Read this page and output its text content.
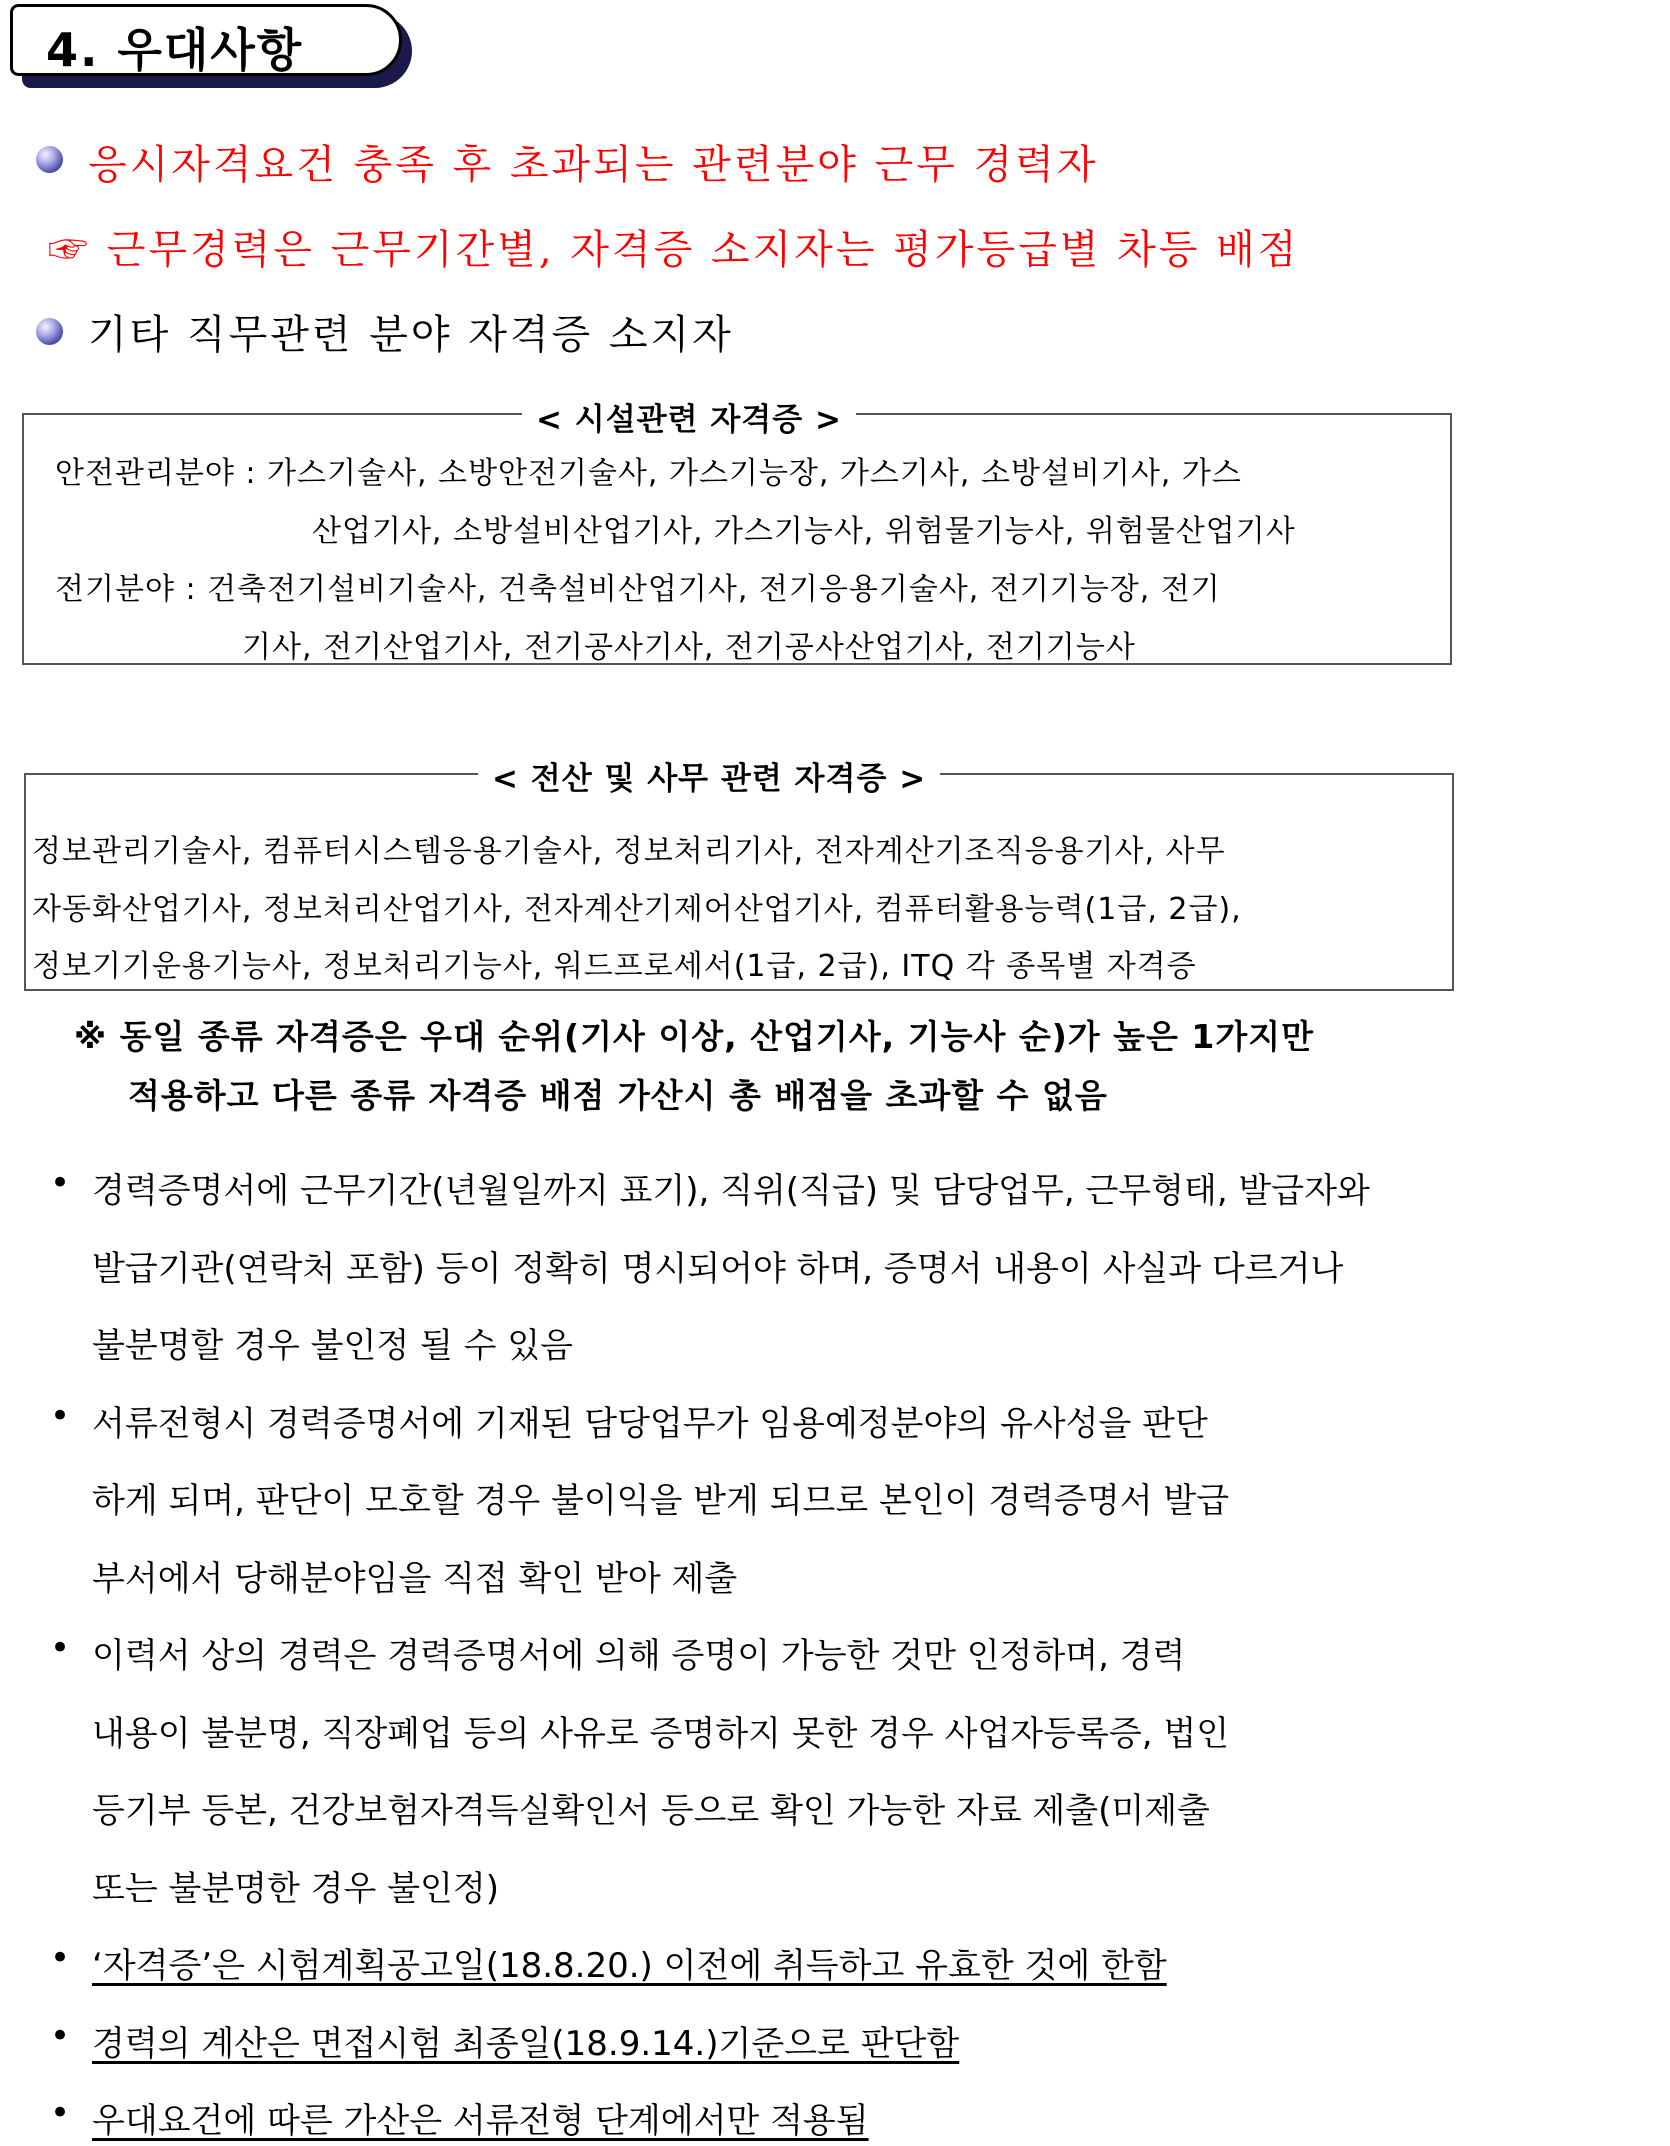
4. 우대사항
응시자격요건 충족 후 초과되는 관련분야 근무 경력자
☞ 근무경력은 근무기간별, 자격증 소지자는 평가등급별 차등 배점
기타 직무관련 분야 자격증 소지자
< 시설관련 자격증 >
안전관리분야 : 가스기술사, 소방안전기술사, 가스기능장, 가스기사, 소방설비기사, 가스
산업기사, 소방설비산업기사, 가스기능사, 위험물기능사, 위험물산업기사
전기분야 : 건축전기설비기술사, 건축설비산업기사, 전기응용기술사, 전기기능장, 전기
기사, 전기산업기사, 전기공사기사, 전기공사산업기사, 전기기능사
< 전산 및 사무 관련 자격증 >
정보관리기술사, 컴퓨터시스템응용기술사, 정보처리기사, 전자계산기조직응용기사, 사무
자동화산업기사, 정보처리산업기사, 전자계산기제어산업기사, 컴퓨터활용능력(1급, 2급),
정보기기운용기능사, 정보처리기능사, 워드프로세서(1급, 2급), ITQ 각 종목별 자격증
※ 동일 종류 자격증은 우대 순위(기사 이상, 산업기사, 기능사 순)가 높은 1가지만
적용하고 다른 종류 자격증 배점 가산시 총 배점을 초과할 수 없음
• 경력증명서에 근무기간(년월일까지 표기), 직위(직급) 및 담당업무, 근무형태, 발급자와
발급기관(연락처 포함) 등이 정확히 명시되어야 하며, 증명서 내용이 사실과 다르거나
불분명할 경우 불인정 될 수 있음
• 서류전형시 경력증명서에 기재된 담당업무가 임용예정분야의 유사성을 판단
하게 되며, 판단이 모호할 경우 불이익을 받게 되므로 본인이 경력증명서 발급
부서에서 당해분야임을 직접 확인 받아 제출
• 이력서 상의 경력은 경력증명서에 의해 증명이 가능한 것만 인정하며, 경력
내용이 불분명, 직장폐업 등의 사유로 증명하지 못한 경우 사업자등록증, 법인
등기부 등본, 건강보험자격득실확인서 등으로 확인 가능한 자료 제출(미제출
또는 불분명한 경우 불인정)
• ‘자격증’은 시험계획공고일(18.8.20.) 이전에 취득하고 유효한 것에 한함
• 경력의 계산은 면접시험 최종일(18.9.14.)기준으로 판단함
• 우대요건에 따른 가산은 서류전형 단계에서만 적용됨
